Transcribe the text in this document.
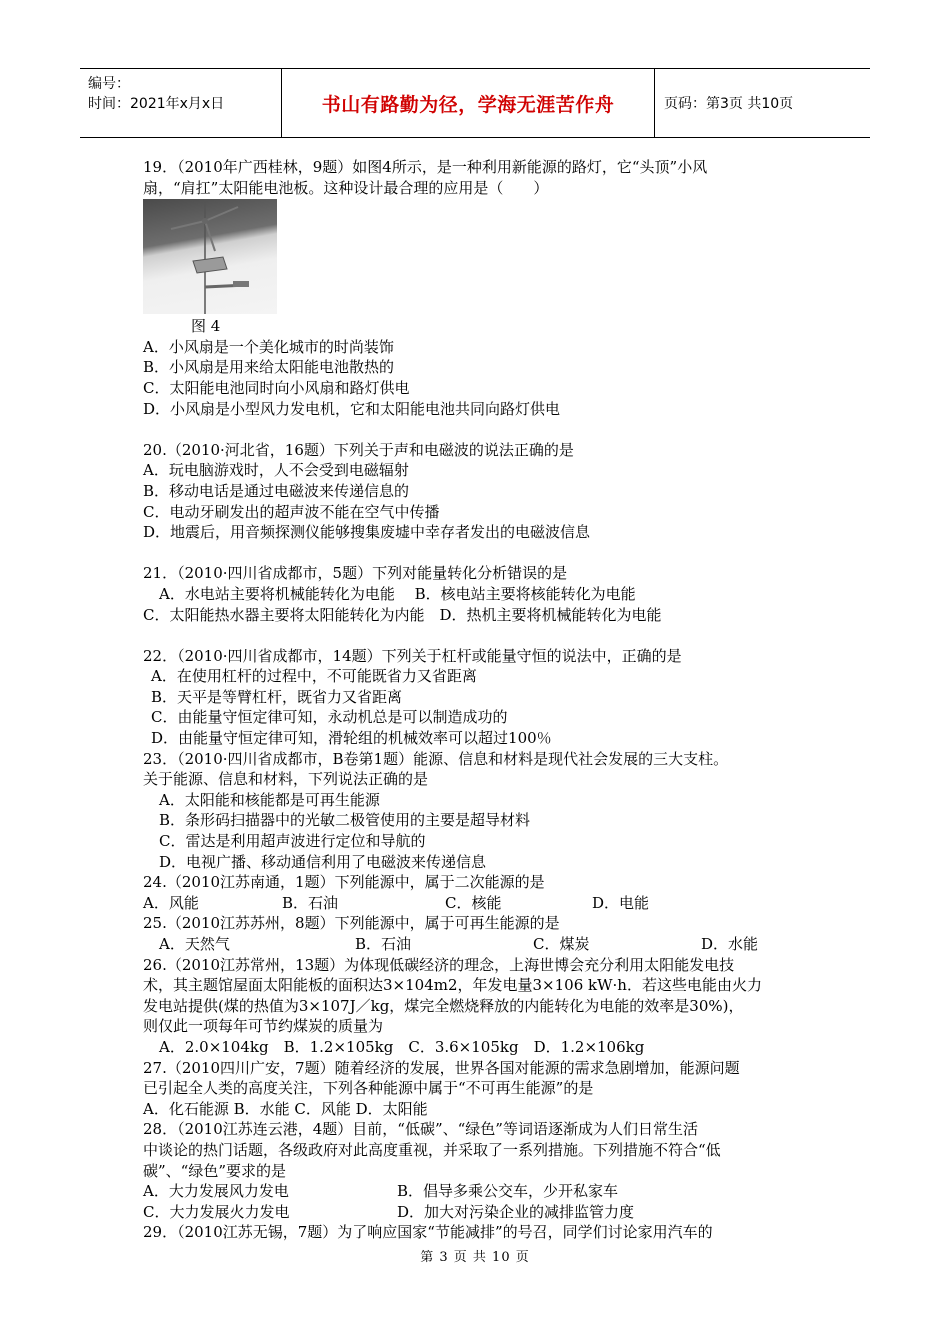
编号：
时间：2021年x月x日	书山有路勤为径，学海无涯苦作舟	页码：第3页 共10页
19．（2010年广西桂林，9题）如图4所示，是一种利用新能源的路灯，它“头顶”小风
扇，“肩扛”太阳能电池板。这种设计最合理的应用是（　　）
图 4
A．小风扇是一个美化城市的时尚装饰
B．小风扇是用来给太阳能电池散热的
C．太阳能电池同时向小风扇和路灯供电
D．小风扇是小型风力发电机，它和太阳能电池共同向路灯供电
20.（2010·河北省，16题）下列关于声和电磁波的说法正确的是
A．玩电脑游戏时，人不会受到电磁辐射
B．移动电话是通过电磁波来传递信息的
C．电动牙刷发出的超声波不能在空气中传播
D．地震后，用音频探测仪能够搜集废墟中幸存者发出的电磁波信息
21．（2010·四川省成都市，5题）下列对能量转化分析错误的是
A．水电站主要将机械能转化为电能　 B．核电站主要将核能转化为电能
C．太阳能热水器主要将太阳能转化为内能　D．热机主要将机械能转化为电能
22．（2010·四川省成都市，14题）下列关于杠杆或能量守恒的说法中，正确的是
A．在使用杠杆的过程中，不可能既省力又省距离
B．天平是等臂杠杆，既省力又省距离
C．由能量守恒定律可知，永动机总是可以制造成功的
D．由能量守恒定律可知，滑轮组的机械效率可以超过100％
23．（2010·四川省成都市，B卷第1题）能源、信息和材料是现代社会发展的三大支柱。
关于能源、信息和材料，下列说法正确的是
A．太阳能和核能都是可再生能源
B．条形码扫描器中的光敏二极管使用的主要是超导材料
C．雷达是利用超声波进行定位和导航的
D．电视广播、移动通信利用了电磁波来传递信息
24.（2010江苏南通，1题）下列能源中，属于二次能源的是
A．风能	B．石油	C．核能	D．电能
25.（2010江苏苏州，8题）下列能源中，属于可再生能源的是
A．天然气	B．石油	C．煤炭	D．水能
26.（2010江苏常州，13题）为体现低碳经济的理念，上海世博会充分利用太阳能发电技
术，其主题馆屋面太阳能板的面积达3×104m2，年发电量3×106 kW·h．若这些电能由火力
发电站提供(煤的热值为3×107J／kg，煤完全燃烧释放的内能转化为电能的效率是30%)，
则仅此一项每年可节约煤炭的质量为
A．2.0×104kg　B．1.2×105kg　C．3.6×105kg　D．1.2×106kg
27.（2010四川广安，7题）随着经济的发展，世界各国对能源的需求急剧增加，能源问题
已引起全人类的高度关注，下列各种能源中属于“不可再生能源”的是
A．化石能源 B．水能 C．风能 D．太阳能
28．（2010江苏连云港，4题）目前，“低碳”、“绿色”等词语逐渐成为人们日常生活
中谈论的热门话题，各级政府对此高度重视，并采取了一系列措施。下列措施不符合“低
碳”、“绿色”要求的是
A．大力发展风力发电	B．倡导多乘公交车，少开私家车
C．大力发展火力发电	D．加大对污染企业的减排监管力度
29．（2010江苏无锡，7题）为了响应国家“节能减排”的号召，同学们讨论家用汽车的
第 3 页 共 10 页
